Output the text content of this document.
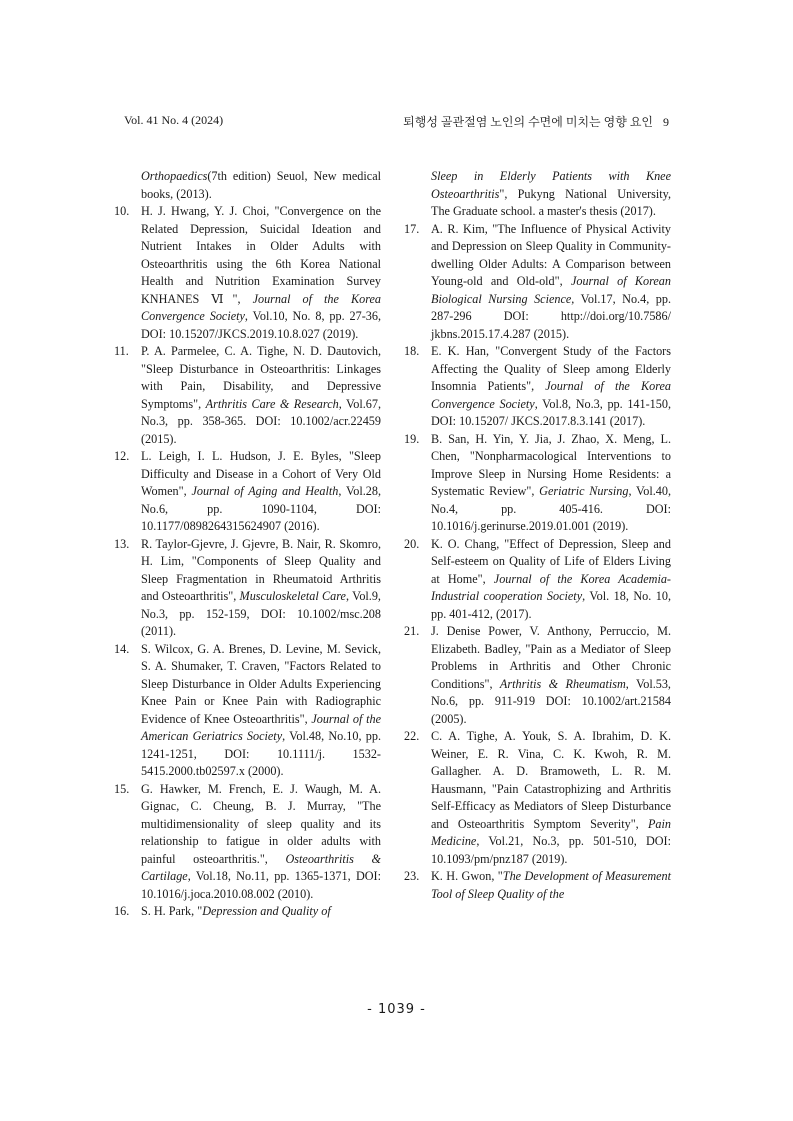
Vol. 41 No. 4 (2024)	퇴행성 골관절염 노인의 수면에 미치는 영향 요인 9

Orthopaedics(7th edition) Seuol, New medical books, (2013).

10. H. J. Hwang, Y. J. Choi, "Convergence on the Related Depression, Suicidal Ideation and Nutrient Intakes in Older Adults with Osteoarthritis using the 6th Korea National Health and Nutrition Examination Survey KNHANES Ⅵ", Journal of the Korea Convergence Society, Vol.10, No. 8, pp. 27-36, DOI: 10.15207/JKCS.2019.10.8.027 (2019).

11.	P. A. Parmelee, C. A. Tighe, N. D. Dautovich, "Sleep Disturbance in Osteoarthritis: Linkages with Pain, Disability, and Depressive Symptoms", Arthritis Care & Research, Vol.67, No.3, pp. 358-365. DOI: 10.1002/acr.22459 (2015).

12. L. Leigh, I. L. Hudson, J. E. Byles, "Sleep Difficulty and Disease in a Cohort of Very Old Women", Journal of Aging and Health, Vol.28, No.6, pp. 1090-1104, DOI: 10.1177/0898264315624907 (2016).

13. R. Taylor-Gjevre, J. Gjevre, B. Nair, R. Skomro, H. Lim, "Components of Sleep Quality and Sleep Fragmentation in Rheumatoid Arthritis and Osteoarthritis", Musculoskeletal Care, Vol.9, No.3, pp. 152-159, DOI: 10.1002/msc.208 (2011).

14. S. Wilcox, G. A. Brenes, D. Levine, M. Sevick, S. A. Shumaker, T. Craven, "Factors Related to Sleep Disturbance in Older Adults Experiencing Knee Pain or Knee Pain with Radiographic Evidence of Knee Osteoarthritis", Journal of the American Geriatrics Society, Vol.48, No.10, pp. 1241-1251, DOI: 10.1111/j. 1532-5415.2000.tb02597.x (2000).

15. G. Hawker, M. French, E. J. Waugh, M. A. Gignac, C. Cheung, B. J. Murray, "The multidimensionality of sleep quality and its relationship to fatigue in older adults with painful osteoarthritis.", Osteoarthritis & Cartilage, Vol.18, No.11, pp. 1365-1371, DOI: 10.1016/j.joca.2010.08.002 (2010).

16. S. H. Park, "Depression and Quality of

Sleep in Elderly Patients with Knee Osteoarthritis", Pukyng National University, The Graduate school. a master's thesis (2017).

17. A. R. Kim, "The Influence of Physical Activity and Depression on Sleep Quality in Community-dwelling Older Adults: A Comparison between Young-old and Old-old", Journal of Korean Biological Nursing Science, Vol.17, No.4, pp. 287-296 DOI: http://doi.org/10.7586/ jkbns.2015.17.4.287 (2015).

18. E. K. Han, "Convergent Study of the Factors Affecting the Quality of Sleep among Elderly Insomnia Patients", Journal of the Korea Convergence Society, Vol.8, No.3, pp. 141-150, DOI: 10.15207/ JKCS.2017.8.3.141 (2017).

19. B. San, H. Yin, Y. Jia, J. Zhao, X. Meng, L. Chen, "Nonpharmacological Interventions to Improve Sleep in Nursing Home Residents: a Systematic Review", Geriatric Nursing, Vol.40, No.4, pp. 405-416. DOI: 10.1016/j.gerinurse.2019.01.001 (2019).

20. K. O. Chang, "Effect of Depression, Sleep and Self-esteem on Quality of Life of Elders Living at Home", Journal of the Korea Academia-Industrial cooperation Society, Vol. 18, No. 10, pp. 401-412, (2017).

21. J. Denise Power, V. Anthony, Perruccio, M. Elizabeth. Badley, "Pain as a Mediator of Sleep Problems in Arthritis and Other Chronic Conditions", Arthritis & Rheumatism, Vol.53, No.6, pp. 911-919 DOI: 10.1002/art.21584 (2005).

22. C. A. Tighe, A. Youk, S. A. Ibrahim, D. K. Weiner, E. R. Vina, C. K. Kwoh, R. M. Gallagher. A. D. Bramoweth, L. R. M. Hausmann, "Pain Catastrophizing and Arthritis Self-Efficacy as Mediators of Sleep Disturbance and Osteoarthritis Symptom Severity", Pain Medicine, Vol.21, No.3, pp. 501-510, DOI: 10.1093/pm/pnz187 (2019).

23. K. H. Gwon, "The Development of Measurement Tool of Sleep Quality of the

- 1039 -
